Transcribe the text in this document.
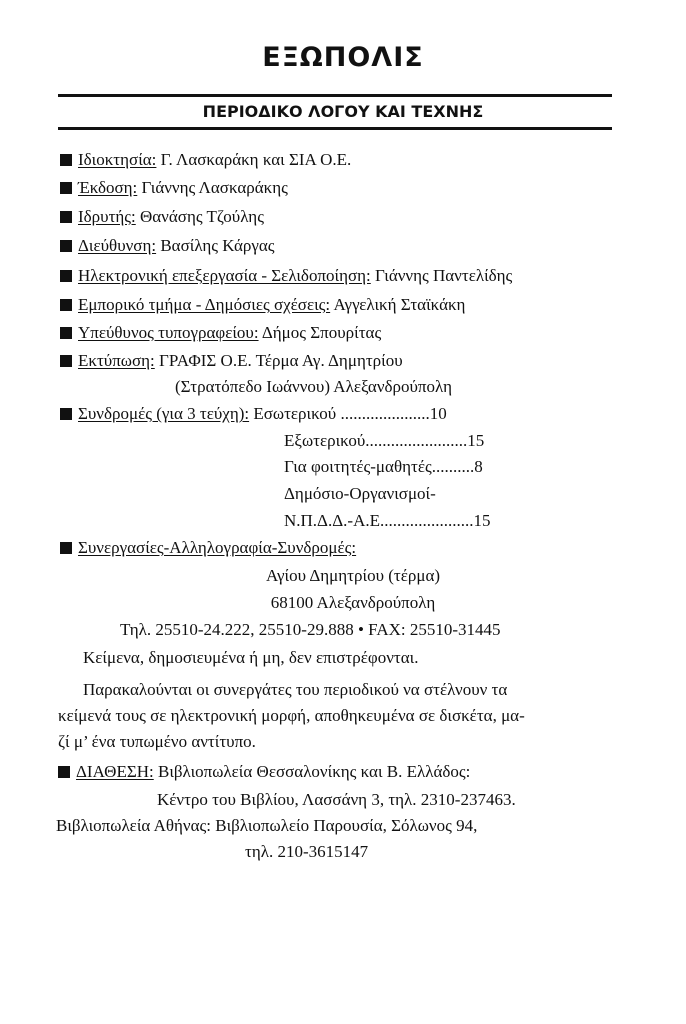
ΕΞΩΠΟΛΙΣ
ΠΕΡΙΟΔΙΚΟ ΛΟΓΟΥ ΚΑΙ ΤΕΧΝΗΣ
Ιδιοκτησία: Γ. Λασκαράκη και ΣΙΑ Ο.Ε.
Έκδοση: Γιάννης Λασκαράκης
Ιδρυτής: Θανάσης Τζούλης
Διεύθυνση: Βασίλης Κάργας
Ηλεκτρονική επεξεργασία - Σελιδοποίηση: Γιάννης Παντελίδης
Εμπορικό τμήμα - Δημόσιες σχέσεις: Αγγελική Σταϊκάκη
Υπεύθυνος τυπογραφείου: Δήμος Σπουρίτας
Εκτύπωση: ΓΡΑΦΙΣ Ο.Ε. Τέρμα Αγ. Δημητρίου
(Στρατόπεδο Ιωάννου) Αλεξανδρούπολη
Συνδρομές (για 3 τεύχη): Εσωτερικού .....................10
Εξωτερικού........................15
Για φοιτητές-μαθητές..........8
Δημόσιο-Οργανισμοί-
Ν.Π.Δ.Δ.-Α.Ε......................15
Συνεργασίες-Αλληλογραφία-Συνδρομές:
Αγίου Δημητρίου (τέρμα)
68100 Αλεξανδρούπολη
Τηλ. 25510-24.222, 25510-29.888 • FAX: 25510-31445
Κείμενα, δημοσιευμένα ή μη, δεν επιστρέφονται.
Παρακαλούνται οι συνεργάτες του περιοδικού να στέλνουν τα
κείμενά τους σε ηλεκτρονική μορφή, αποθηκευμένα σε δισκέτα, μα-
ζί μ’ ένα τυπωμένο αντίτυπο.
ΔΙΑΘΕΣΗ: Βιβλιοπωλεία Θεσσαλονίκης και Β. Ελλάδος:
Κέντρο του Βιβλίου, Λασσάνη 3, τηλ. 2310-237463.
Βιβλιοπωλεία Αθήνας: Βιβλιοπωλείο Παρουσία, Σόλωνος 94,
τηλ. 210-3615147
